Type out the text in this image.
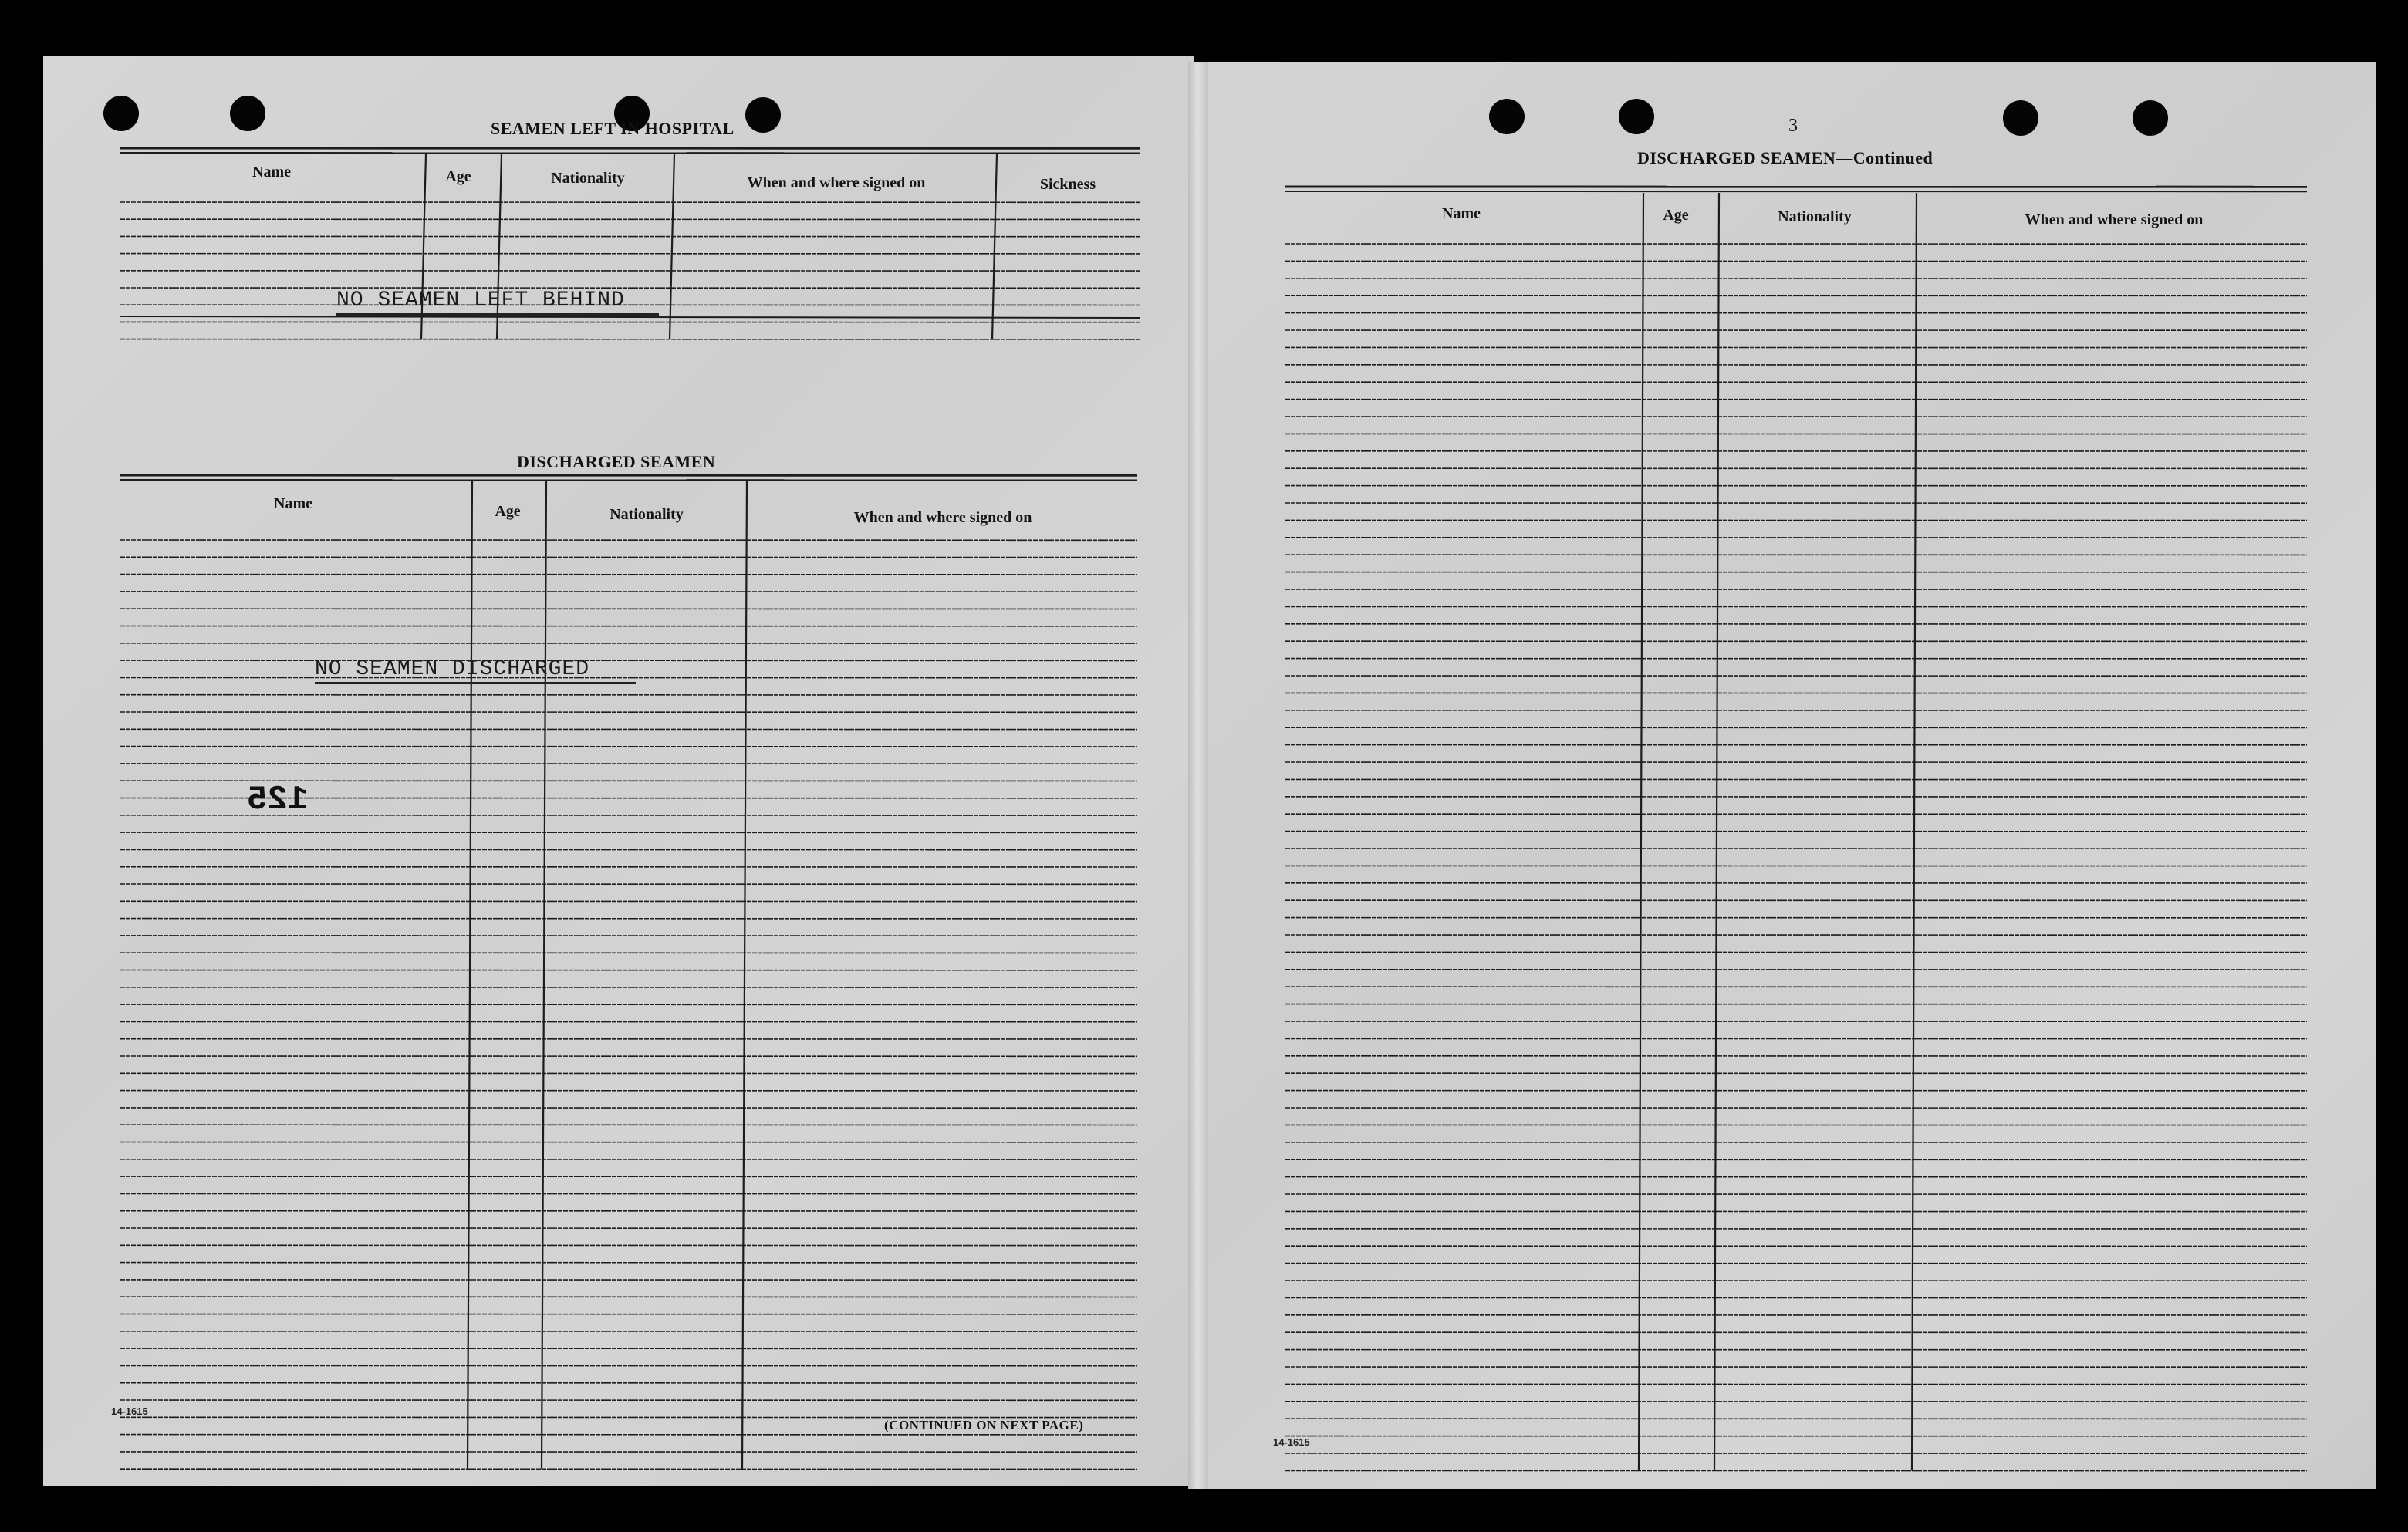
SEAMEN LEFT IN HOSPITAL
Name	Age	Nationality	When and where signed on	Sickness
NO SEAMEN LEFT BEHIND
DISCHARGED SEAMEN
Name	Age	Nationality	When and where signed on
NO SEAMEN DISCHARGED
125
14-1615
(CONTINUED ON NEXT PAGE)
3
DISCHARGED SEAMEN—Continued
Name	Age	Nationality	When and where signed on
14-1615
